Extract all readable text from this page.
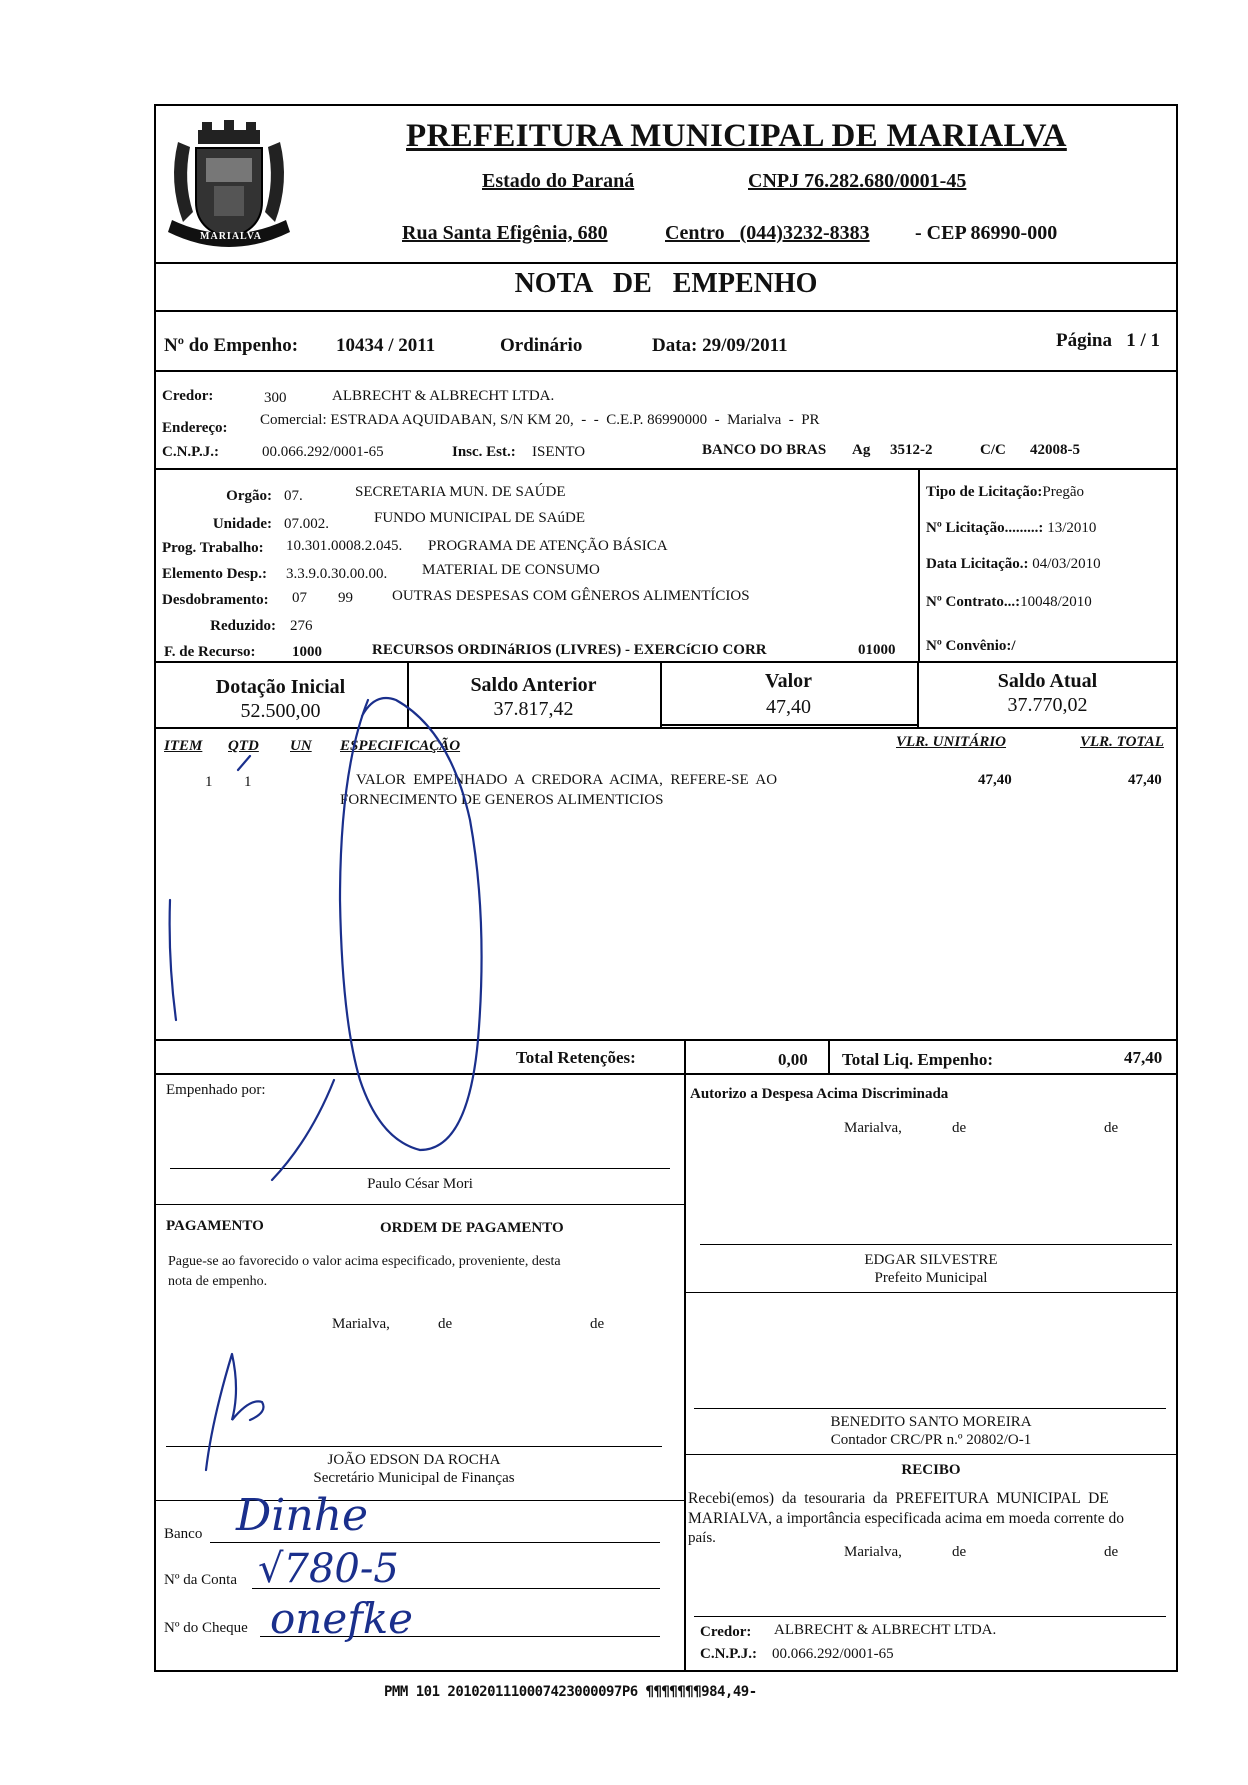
MARIALVA
PREFEITURA MUNICIPAL DE MARIALVA
Estado do Paraná	CNPJ 76.282.680/0001-45
Rua Santa Efigênia, 680	Centro   (044)3232-8383 - CEP 86990-000
NOTA   DE   EMPENHO
Nº do Empenho: 10434 / 2011	Ordinário	Data: 29/09/2011	Página   1 / 1
Credor:	300	ALBRECHT & ALBRECHT LTDA.
Endereço: Comercial: ESTRADA AQUIDABAN, S/N KM 20,  -  -  C.E.P. 86990000  -  Marialva  -  PR
C.N.P.J.:	00.066.292/0001-65	Insc. Est.: ISENTO	BANCO DO BRAS Ag 3512-2	C/C 42008-5
Orgão: 07.	SECRETARIA MUN. DE SAÚDE
Unidade: 07.002.	FUNDO MUNICIPAL DE SAúDE
Prog. Trabalho: 10.301.0008.2.045. PROGRAMA DE ATENÇÃO BÁSICA
Elemento Desp.: 3.3.9.0.30.00.00. MATERIAL DE CONSUMO
Desdobramento: 07 99	OUTRAS DESPESAS COM GÊNEROS ALIMENTÍCIOS
Reduzido: 276
F. de Recurso: 1000	RECURSOS ORDINáRIOS (LIVRES) - EXERCíCIO CORR	01000
Tipo de Licitação:Pregão
Nº Licitação.........: 13/2010
Data Licitação.: 04/03/2010
Nº Contrato...:10048/2010
Nº Convênio:/
Dotação Inicial
52.500,00
Saldo Anterior
37.817,42
Valor
47,40
Saldo Atual
37.770,02
ITEM QTD UN ESPECIFICAÇÃO	VLR. UNITÁRIO	VLR. TOTAL
1 1	VALOR  EMPENHADO  A  CREDORA  ACIMA,  REFERE-SE  AO
FORNECIMENTO DE GENEROS ALIMENTICIOS
47,40	47,40
Total Retenções:	0,00 Total Liq. Empenho:	47,40
Empenhado por:
Paulo César Mori
Autorizo a Despesa Acima Discriminada
Marialva,	de	de
EDGAR SILVESTRE
Prefeito Municipal
PAGAMENTO	ORDEM DE PAGAMENTO
Pague-se ao favorecido o valor acima especificado, proveniente, desta
nota de empenho.
Marialva,	de	de
JOÃO EDSON DA ROCHA
Secretário Municipal de Finanças
BENEDITO SANTO MOREIRA
Contador CRC/PR n.º 20802/O-1
RECIBO
Recebi(emos)  da  tesouraria  da  PREFEITURA  MUNICIPAL  DE
MARIALVA, a importância especificada acima em moeda corrente do
país.
Marialva,	de	de
Credor: ALBRECHT & ALBRECHT LTDA.
C.N.P.J.: 00.066.292/0001-65
Banco Dinhe
Nº da Conta √780-5
Nº do Cheque onefke
PMM 101 2010201110007423000097P6 ¶¶¶¶¶¶¶984,49-
